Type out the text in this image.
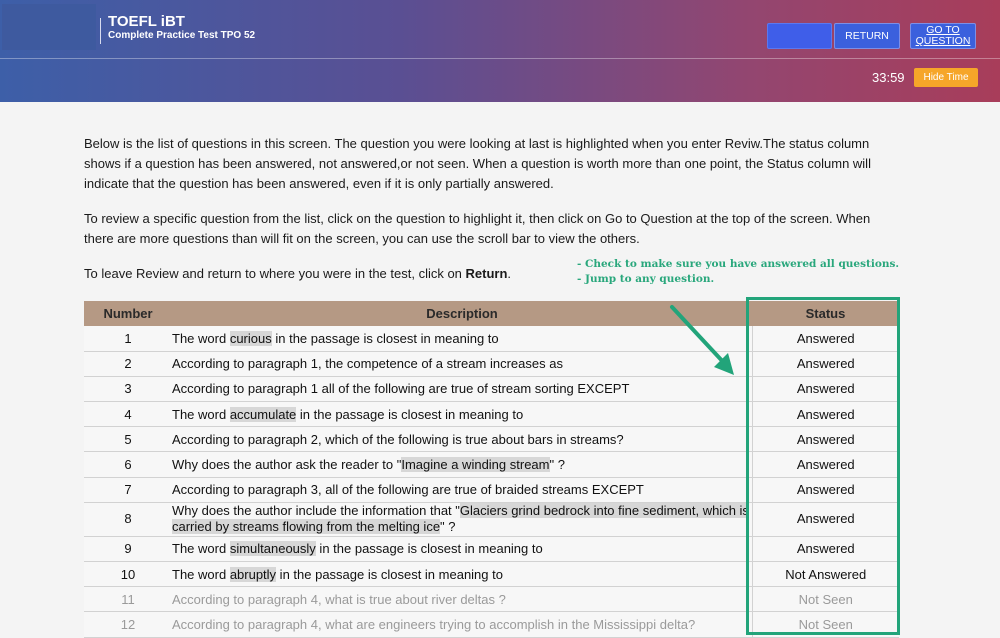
TOEFL iBT
Complete Practice Test TPO 52	RETURN	GO TO QUESTION
33:59	Hide Time

Below is the list of questions in this screen. The question you were looking at last is highlighted when you enter Reviw.The status column shows if a question has been answered, not answered,or not seen. When a question is worth more than one point, the Status column will indicate that the question has been answered, even if it is only partially answered.

To review a specific question from the list, click on the question to highlight it, then click on Go to Question at the top of the screen. When there are more questions than will fit on the screen, you can use the scroll bar to view the others.

To leave Review and return to where you were in the test, click on Return.

- Check to make sure you have answered all questions.
- Jump to any question.
Number	Description	Status
1	The word curious in the passage is closest in meaning to	Answered
2	According to paragraph 1, the competence of a stream increases as	Answered
3	According to paragraph 1 all of the following are true of stream sorting EXCEPT	Answered
4	The word accumulate in the passage is closest in meaning to	Answered
5	According to paragraph 2, which of the following is true about bars in streams?	Answered
6	Why does the author ask the reader to "Imagine a winding stream" ?	Answered
7	According to paragraph 3, all of the following are true of braided streams EXCEPT	Answered
8	Why does the author include the information that "Glaciers grind bedrock into fine sediment, which is carried by streams flowing from the melting ice" ?	Answered
9	The word simultaneously in the passage is closest in meaning to	Answered
10	The word abruptly in the passage is closest in meaning to	Not Answered
11	According to paragraph 4, what is true about river deltas ?	Not Seen
12	According to paragraph 4, what are engineers trying to accomplish in the Mississippi delta?	Not Seen
